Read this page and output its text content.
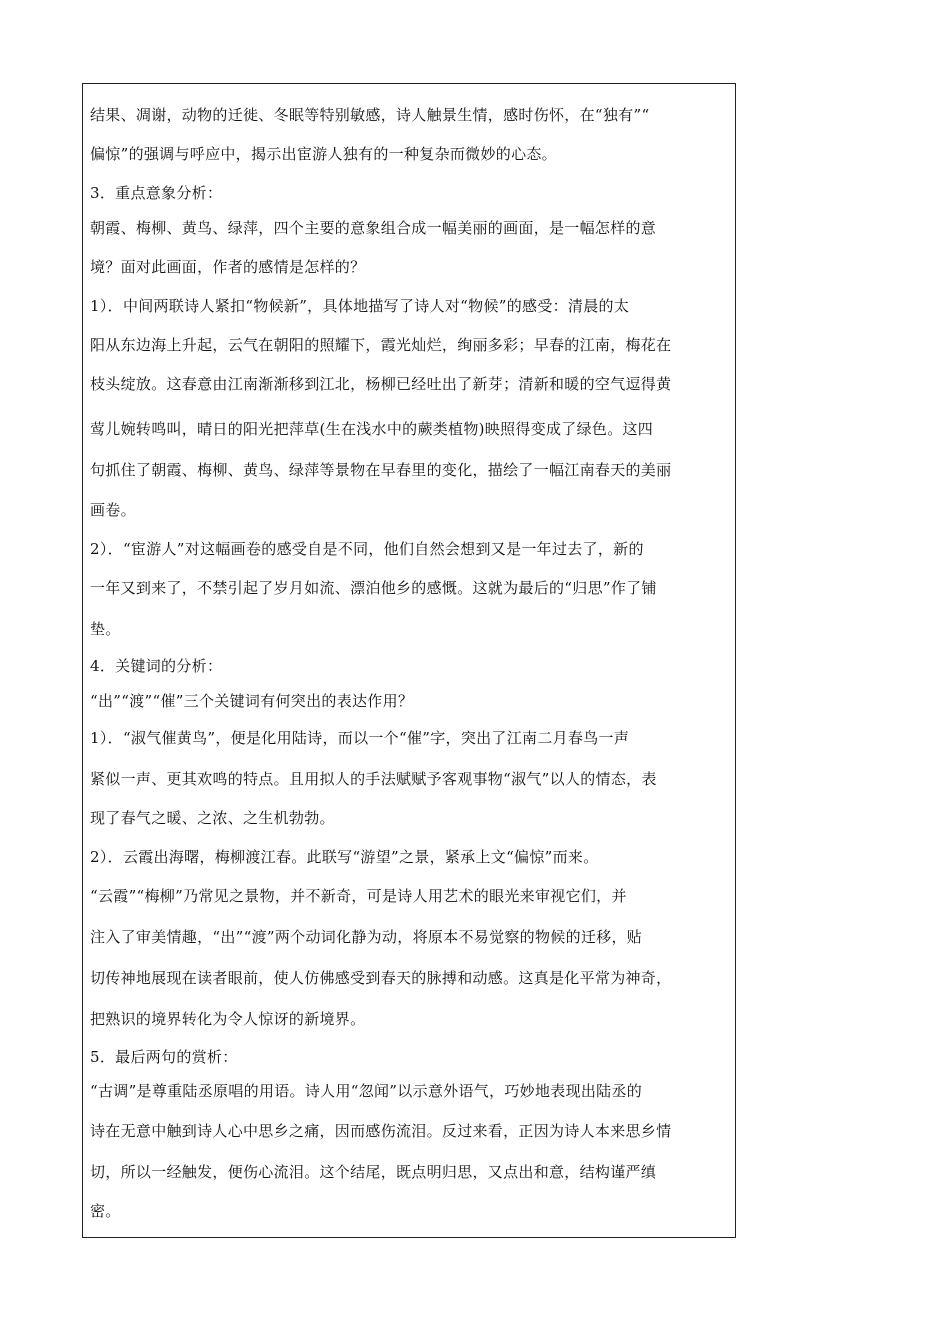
结果、凋谢，动物的迁徙、冬眠等特别敏感，诗人触景生情，感时伤怀，在“独有”“
偏惊”的强调与呼应中，揭示出宦游人独有的一种复杂而微妙的心态。
3．重点意象分析：
朝霞、梅柳、黄鸟、绿萍，四个主要的意象组合成一幅美丽的画面，是一幅怎样的意
境？面对此画面，作者的感情是怎样的？
1）．中间两联诗人紧扣“物候新”，具体地描写了诗人对“物候”的感受：清晨的太
阳从东边海上升起，云气在朝阳的照耀下，霞光灿烂，绚丽多彩；早春的江南，梅花在
枝头绽放。这春意由江南渐渐移到江北，杨柳已经吐出了新芽；清新和暖的空气逗得黄
莺儿婉转鸣叫，晴日的阳光把萍草(生在浅水中的蕨类植物)映照得变成了绿色。这四
句抓住了朝霞、梅柳、黄鸟、绿萍等景物在早春里的变化，描绘了一幅江南春天的美丽
画卷。
2）．“宦游人”对这幅画卷的感受自是不同，他们自然会想到又是一年过去了，新的
一年又到来了，不禁引起了岁月如流、漂泊他乡的感慨。这就为最后的“归思”作了铺
垫。
4．关键词的分析：
“出”“渡”“催”三个关键词有何突出的表达作用？
1）．“淑气催黄鸟”，便是化用陆诗，而以一个“催”字，突出了江南二月春鸟一声
紧似一声、更其欢鸣的特点。且用拟人的手法赋赋予客观事物“淑气”以人的情态，表
现了春气之暖、之浓、之生机勃勃。
2）．云霞出海曙，梅柳渡江春。此联写“游望”之景，紧承上文“偏惊”而来。
“云霞”“梅柳”乃常见之景物，并不新奇，可是诗人用艺术的眼光来审视它们，并
注入了审美情趣，“出”“渡”两个动词化静为动，将原本不易觉察的物候的迁移，贴
切传神地展现在读者眼前，使人仿佛感受到春天的脉搏和动感。这真是化平常为神奇，
把熟识的境界转化为令人惊讶的新境界。
5．最后两句的赏析：
“古调”是尊重陆丞原唱的用语。诗人用“忽闻”以示意外语气，巧妙地表现出陆丞的
诗在无意中触到诗人心中思乡之痛，因而感伤流泪。反过来看，正因为诗人本来思乡情
切，所以一经触发，便伤心流泪。这个结尾，既点明归思，又点出和意，结构谨严缜
密。
